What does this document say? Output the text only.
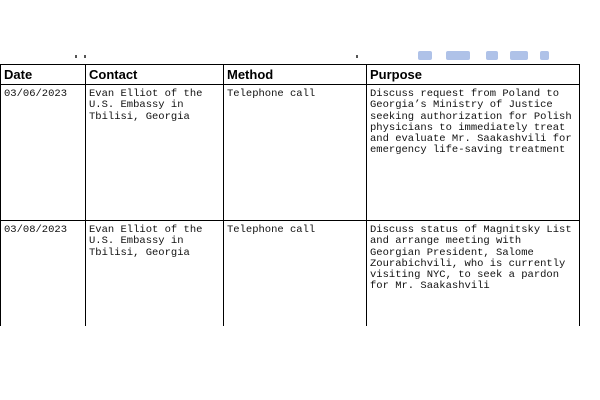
Date	Contact	Method	Purpose

03/06/2023	Evan Elliot of the U.S. Embassy in Tbilisi, Georgia	Telephone call	Discuss request from Poland to Georgia’s Ministry of Justice seeking authorization for Polish physicians to immediately treat and evaluate Mr. Saakashvili for emergency life-saving treatment

03/08/2023	Evan Elliot of the U.S. Embassy in Tbilisi, Georgia	Telephone call	Discuss status of Magnitsky List and arrange meeting with Georgian President, Salome Zourabichvili, who is currently visiting NYC, to seek a pardon for Mr. Saakashvili
